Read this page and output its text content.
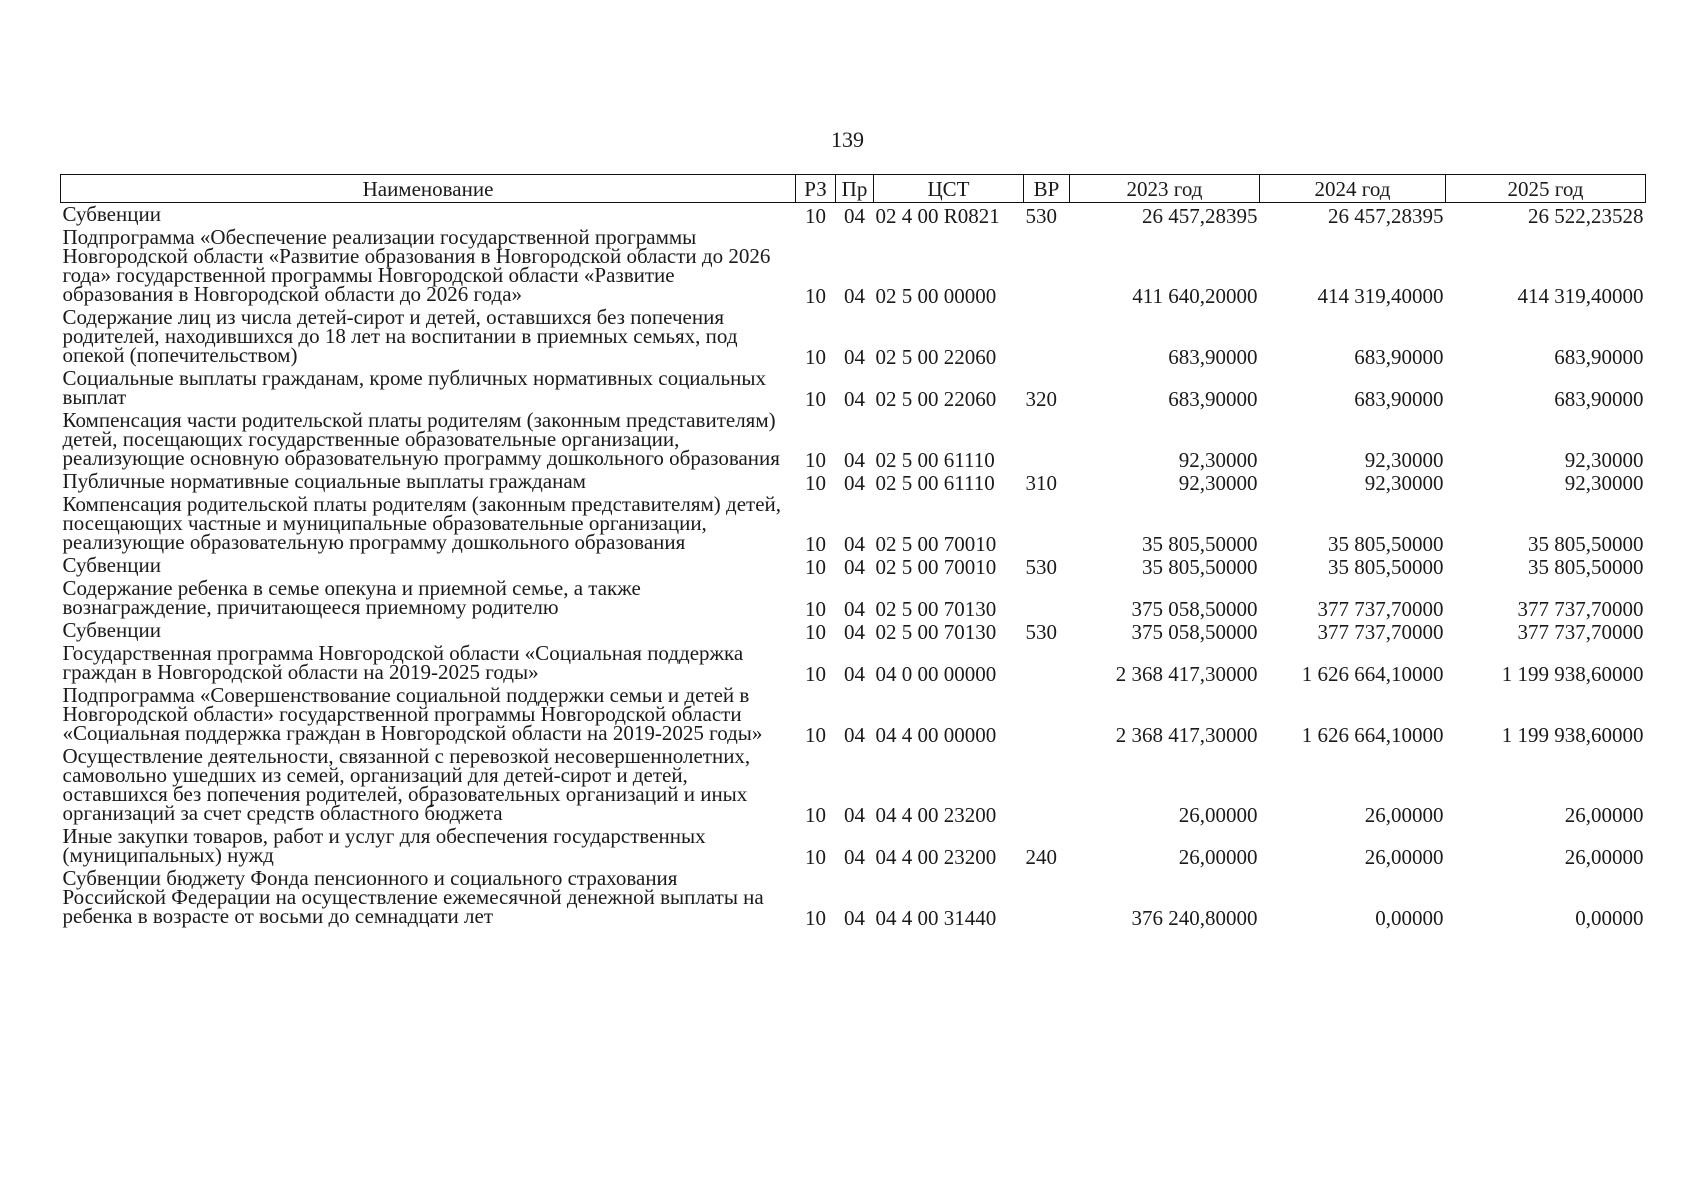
139
Наименование	РЗ	Пр	ЦСТ	ВР	2023 год	2024 год	2025 год
Субвенции	10	04	02 4 00 R0821	530	26 457,28395	26 457,28395	26 522,23528
Подпрограмма «Обеспечение реализации государственной программы Новгородской области «Развитие образования в Новгородской области до 2026 года» государственной программы Новгородской области «Развитие образования в Новгородской области до 2026 года»	10	04	02 5 00 00000		411 640,20000	414 319,40000	414 319,40000
Содержание лиц из числа детей-сирот и детей, оставшихся без попечения родителей, находившихся до 18 лет на воспитании в приемных семьях, под опекой (попечительством)	10	04	02 5 00 22060		683,90000	683,90000	683,90000
Социальные выплаты гражданам, кроме публичных нормативных социальных выплат	10	04	02 5 00 22060	320	683,90000	683,90000	683,90000
Компенсация части родительской платы родителям (законным представителям) детей, посещающих государственные образовательные организации, реализующие основную образовательную программу дошкольного образования	10	04	02 5 00 61110		92,30000	92,30000	92,30000
Публичные нормативные социальные выплаты гражданам	10	04	02 5 00 61110	310	92,30000	92,30000	92,30000
Компенсация родительской платы родителям (законным представителям) детей, посещающих частные и муниципальные образовательные организации, реализующие образовательную программу дошкольного образования	10	04	02 5 00 70010		35 805,50000	35 805,50000	35 805,50000
Субвенции	10	04	02 5 00 70010	530	35 805,50000	35 805,50000	35 805,50000
Содержание ребенка в семье опекуна и приемной семье, а также вознаграждение, причитающееся приемному родителю	10	04	02 5 00 70130		375 058,50000	377 737,70000	377 737,70000
Субвенции	10	04	02 5 00 70130	530	375 058,50000	377 737,70000	377 737,70000
Государственная программа Новгородской области «Социальная поддержка граждан в Новгородской области на 2019-2025 годы»	10	04	04 0 00 00000		2 368 417,30000	1 626 664,10000	1 199 938,60000
Подпрограмма «Совершенствование социальной поддержки семьи и детей в Новгородской области» государственной программы Новгородской области «Социальная поддержка граждан в Новгородской области на 2019-2025 годы»	10	04	04 4 00 00000		2 368 417,30000	1 626 664,10000	1 199 938,60000
Осуществление деятельности, связанной с перевозкой несовершеннолетних, самовольно ушедших из семей, организаций для детей-сирот и детей, оставшихся без попечения родителей, образовательных организаций и иных организаций за счет средств областного бюджета	10	04	04 4 00 23200		26,00000	26,00000	26,00000
Иные закупки товаров, работ и услуг для обеспечения государственных (муниципальных) нужд	10	04	04 4 00 23200	240	26,00000	26,00000	26,00000
Субвенции бюджету Фонда пенсионного и социального страхования Российской Федерации на осуществление ежемесячной денежной выплаты на ребенка в возрасте от восьми до семнадцати лет	10	04	04 4 00 31440		376 240,80000	0,00000	0,00000
